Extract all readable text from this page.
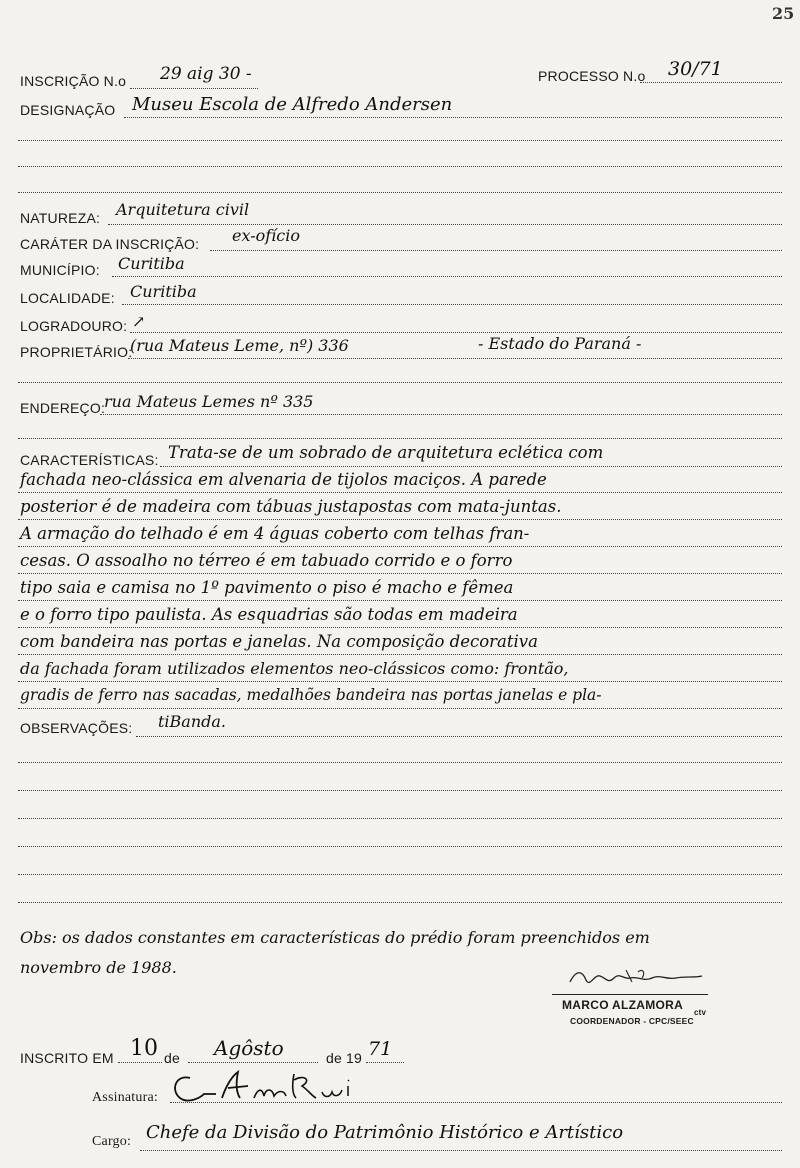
25
INSCRIÇÃO N.o 29 aig 30 -	PROCESSO N.o 30/71
DESIGNAÇÃO Museu Escola de Alfredo Andersen
NATUREZA: Arquitetura civil
CARÁTER DA INSCRIÇÃO: ex-ofício
MUNICÍPIO: Curitiba
LOCALIDADE: Curitiba
LOGRADOURO: ↗
PROPRIETÁRIO:
(rua Mateus Leme, nº) 336	- Estado do Paraná -
ENDEREÇO:
rua Mateus Lemes nº 335
CARACTERÍSTICAS: Trata-se de um sobrado de arquitetura eclética com
fachada neo-clássica em alvenaria de tijolos maciços. A parede
posterior é de madeira com tábuas justapostas com mata-juntas.
A armação do telhado é em 4 águas coberto com telhas fran-
cesas. O assoalho no térreo é em tabuado corrido e o forro
tipo saia e camisa no 1º pavimento o piso é macho e fêmea
e o forro tipo paulista. As esquadrias são todas em madeira
com bandeira nas portas e janelas. Na composição decorativa
da fachada foram utilizados elementos neo-clássicos como: frontão,
gradis de ferro nas sacadas, medalhões bandeira nas portas janelas e pla-
OBSERVAÇÕES: tiBanda.
Obs: os dados constantes em características do prédio foram preenchidos em
novembro de 1988.
MARCO ALZAMORA
ctv
COORDENADOR - CPC/SEEC
INSCRITO EM 10 de Agôsto	de 19 71
Assinatura:
Cargo: Chefe da Divisão do Patrimônio Histórico e Artístico
